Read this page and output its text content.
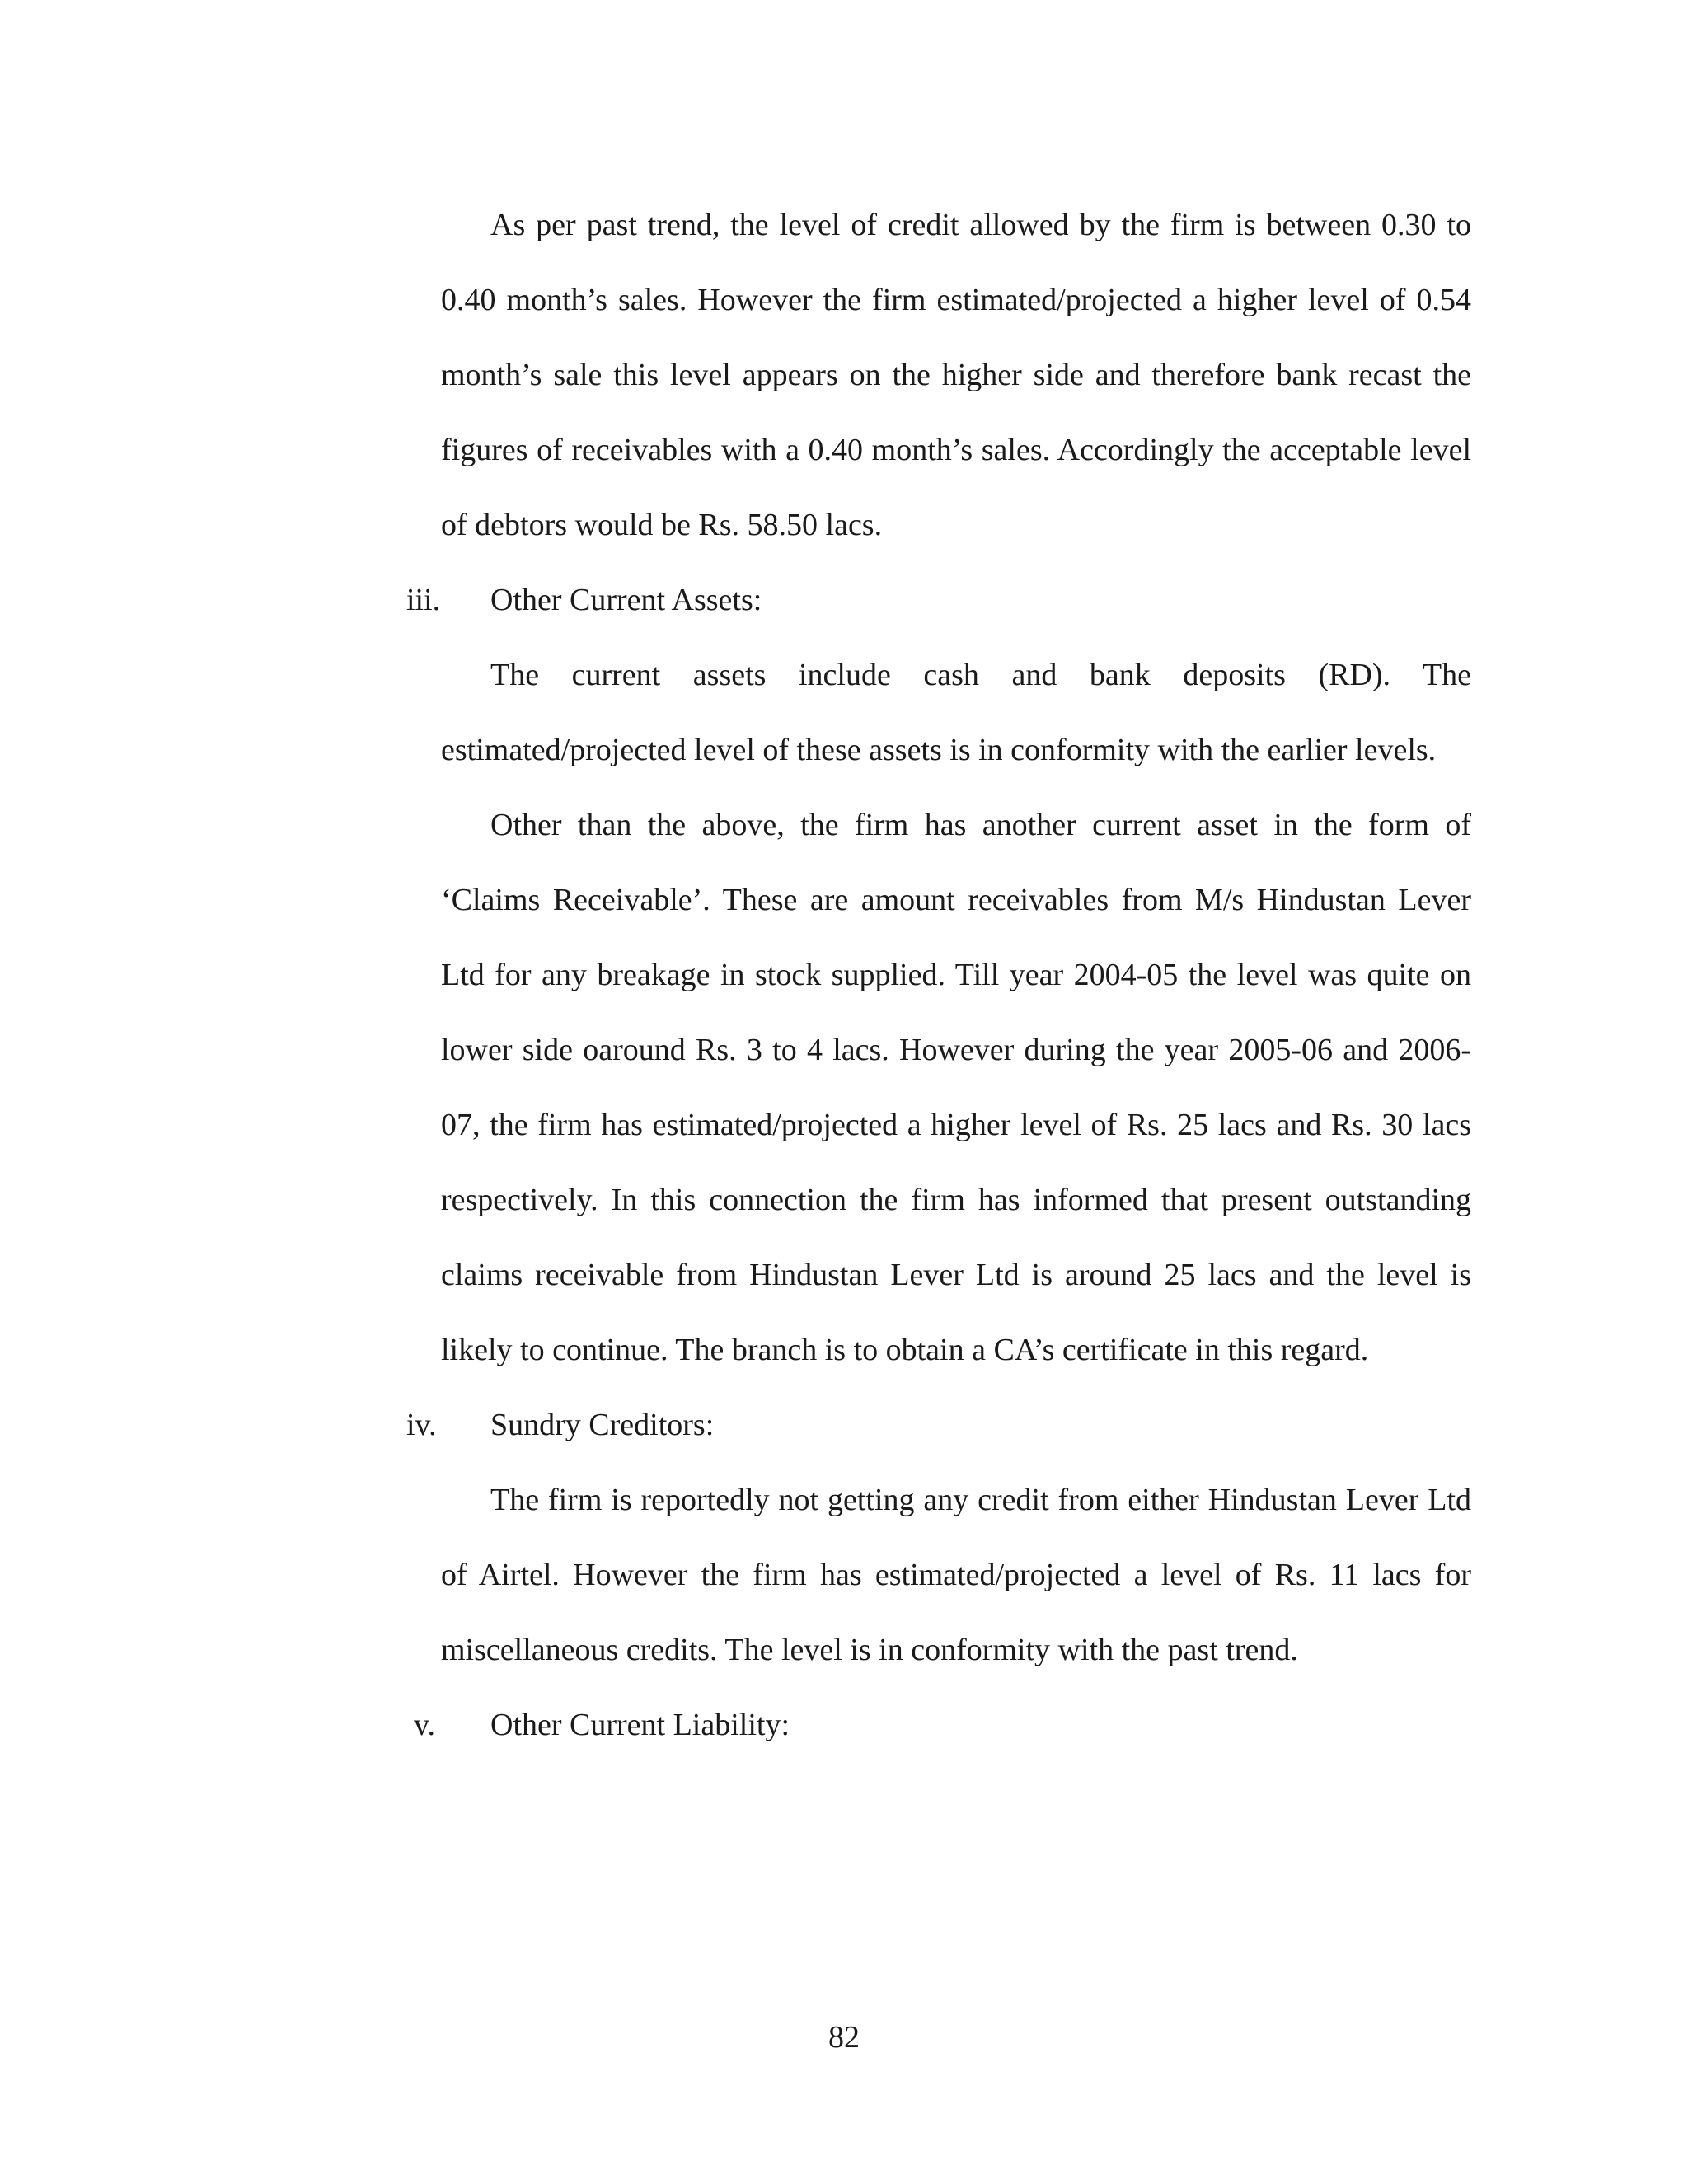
As per past trend, the level of credit allowed by the firm is between 0.30 to 0.40 month’s sales. However the firm estimated/projected a higher level of 0.54 month’s sale this level appears on the higher side and therefore bank recast the figures of receivables with a 0.40 month’s sales. Accordingly the acceptable level of debtors would be Rs. 58.50 lacs.

iii.	Other Current Assets:

The current assets include cash and bank deposits (RD). The estimated/projected level of these assets is in conformity with the earlier levels.

Other than the above, the firm has another current asset in the form of ‘Claims Receivable’. These are amount receivables from M/s Hindustan Lever Ltd for any breakage in stock supplied. Till year 2004-05 the level was quite on lower side oaround Rs. 3 to 4 lacs. However during the year 2005-06 and 2006-07, the firm has estimated/projected a higher level of Rs. 25 lacs and Rs. 30 lacs respectively. In this connection the firm has informed that present outstanding claims receivable from Hindustan Lever Ltd is around 25 lacs and the level is likely to continue. The branch is to obtain a CA’s certificate in this regard.

iv.	Sundry Creditors:

The firm is reportedly not getting any credit from either Hindustan Lever Ltd of Airtel. However the firm has estimated/projected a level of Rs. 11 lacs for miscellaneous credits. The level is in conformity with the past trend.

v.	Other Current Liability:
82
